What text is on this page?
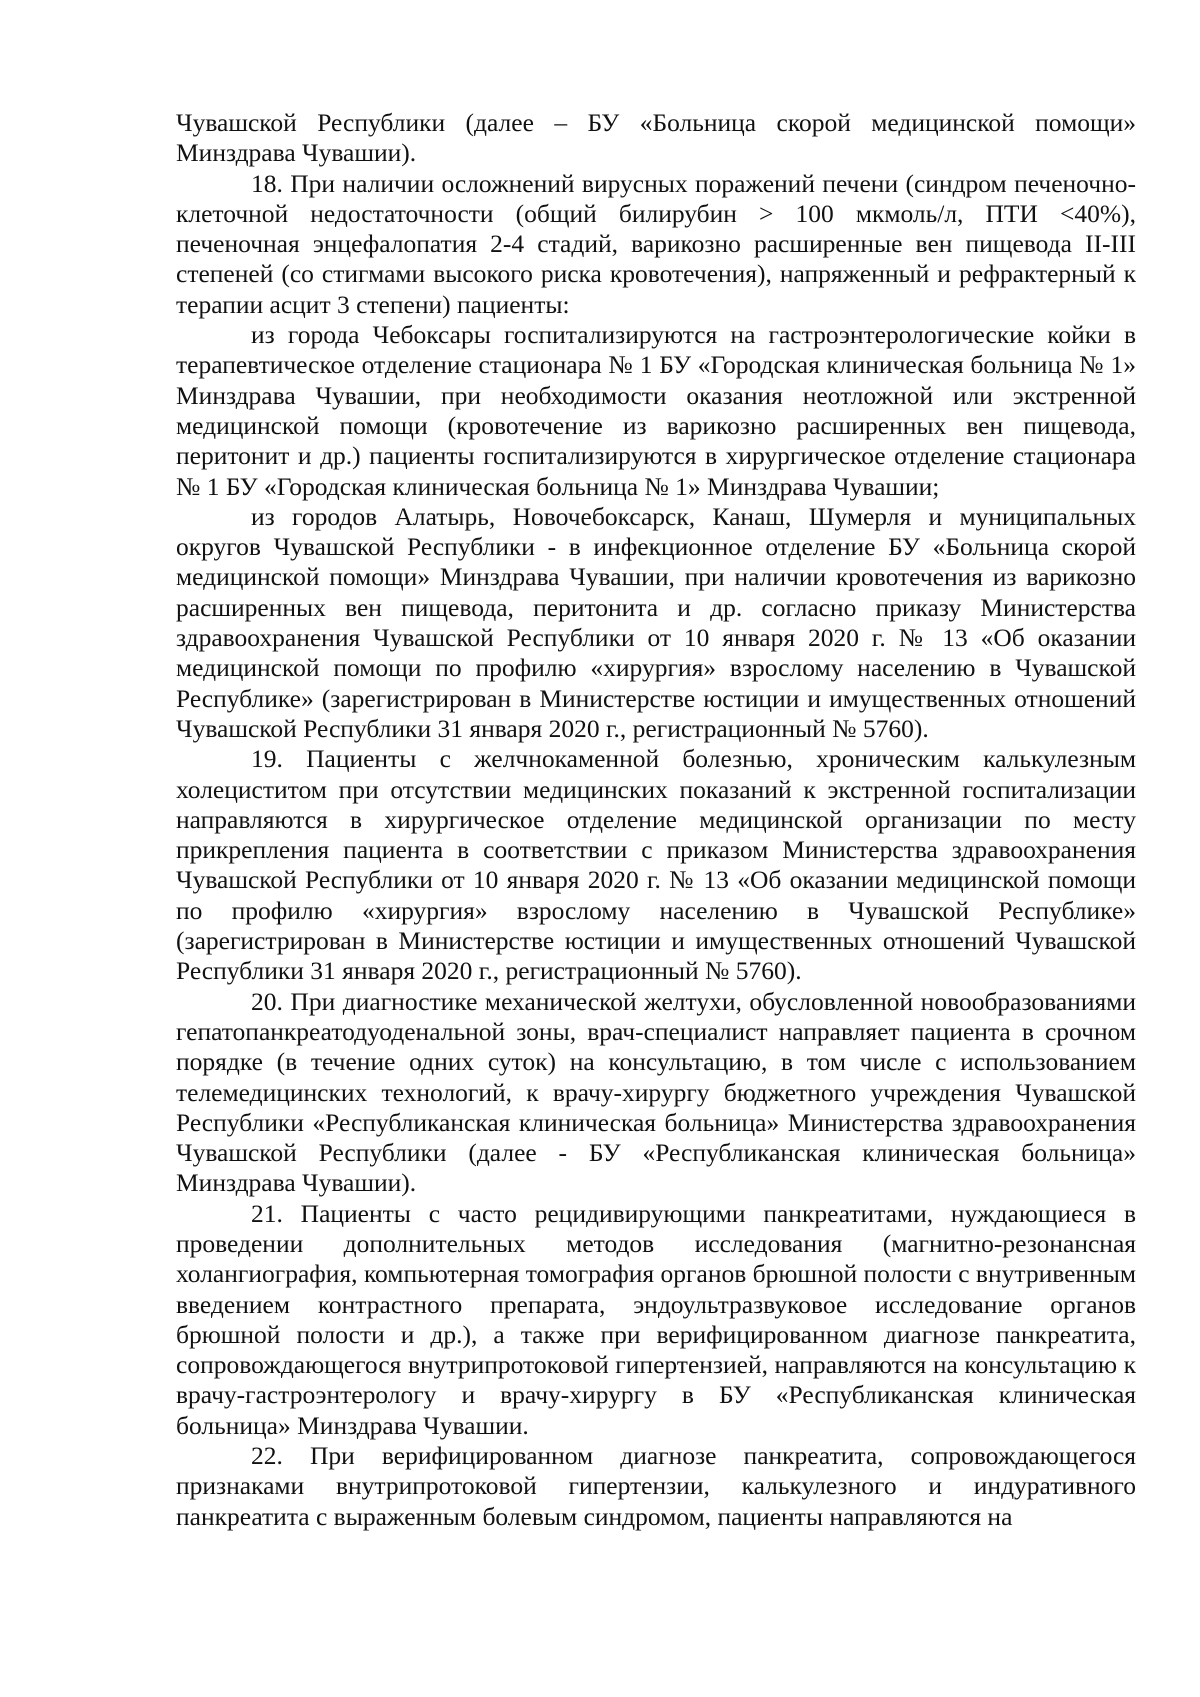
Чувашской Республики (далее – БУ «Больница скорой медицинской помощи» Минздрава Чувашии).

18. При наличии осложнений вирусных поражений печени (синдром печеночно-клеточной недостаточности (общий билирубин > 100 мкмоль/л, ПТИ <40%), печеночная энцефалопатия 2-4 стадий, варикозно расширенные вен пищевода II-III степеней (со стигмами высокого риска кровотечения), напряженный и рефрактерный к терапии асцит 3 степени) пациенты:

из города Чебоксары госпитализируются на гастроэнтерологические койки в терапевтическое отделение стационара № 1 БУ «Городская клиническая больница № 1» Минздрава Чувашии, при необходимости оказания неотложной или экстренной медицинской помощи (кровотечение из варикозно расширенных вен пищевода, перитонит и др.) пациенты госпитализируются в хирургическое отделение стационара № 1 БУ «Городская клиническая больница № 1» Минздрава Чувашии;

из городов Алатырь, Новочебоксарск, Канаш, Шумерля и муниципальных округов Чувашской Республики - в инфекционное отделение БУ «Больница скорой медицинской помощи» Минздрава Чувашии, при наличии кровотечения из варикозно расширенных вен пищевода, перитонита и др. согласно приказу Министерства здравоохранения Чувашской Республики от 10 января 2020 г. № 13 «Об оказании медицинской помощи по профилю «хирургия» взрослому населению в Чувашской Республике» (зарегистрирован в Министерстве юстиции и имущественных отношений Чувашской Республики 31 января 2020 г., регистрационный № 5760).

19. Пациенты с желчнокаменной болезнью, хроническим калькулезным холециститом при отсутствии медицинских показаний к экстренной госпитализации направляются в хирургическое отделение медицинской организации по месту прикрепления пациента в соответствии с приказом Министерства здравоохранения Чувашской Республики от 10 января 2020 г. № 13 «Об оказании медицинской помощи по профилю «хирургия» взрослому населению в Чувашской Республике» (зарегистрирован в Министерстве юстиции и имущественных отношений Чувашской Республики 31 января 2020 г., регистрационный № 5760).

20. При диагностике механической желтухи, обусловленной новообразованиями гепатопанкреатодуоденальной зоны, врач-специалист направляет пациента в срочном порядке (в течение одних суток) на консультацию, в том числе с использованием телемедицинских технологий, к врачу-хирургу бюджетного учреждения Чувашской Республики «Республиканская клиническая больница» Министерства здравоохранения Чувашской Республики (далее - БУ «Республиканская клиническая больница» Минздрава Чувашии).

21. Пациенты с часто рецидивирующими панкреатитами, нуждающиеся в проведении дополнительных методов исследования (магнитно-резонансная холангиография, компьютерная томография органов брюшной полости с внутривенным введением контрастного препарата, эндоультразвуковое исследование органов брюшной полости и др.), а также при верифицированном диагнозе панкреатита, сопровождающегося внутрипротоковой гипертензией, направляются на консультацию к врачу-гастроэнтерологу и врачу-хирургу в БУ «Республиканская клиническая больница» Минздрава Чувашии.

22. При верифицированном диагнозе панкреатита, сопровождающегося признаками внутрипротоковой гипертензии, калькулезного и индуративного панкреатита с выраженным болевым синдромом, пациенты направляются на
